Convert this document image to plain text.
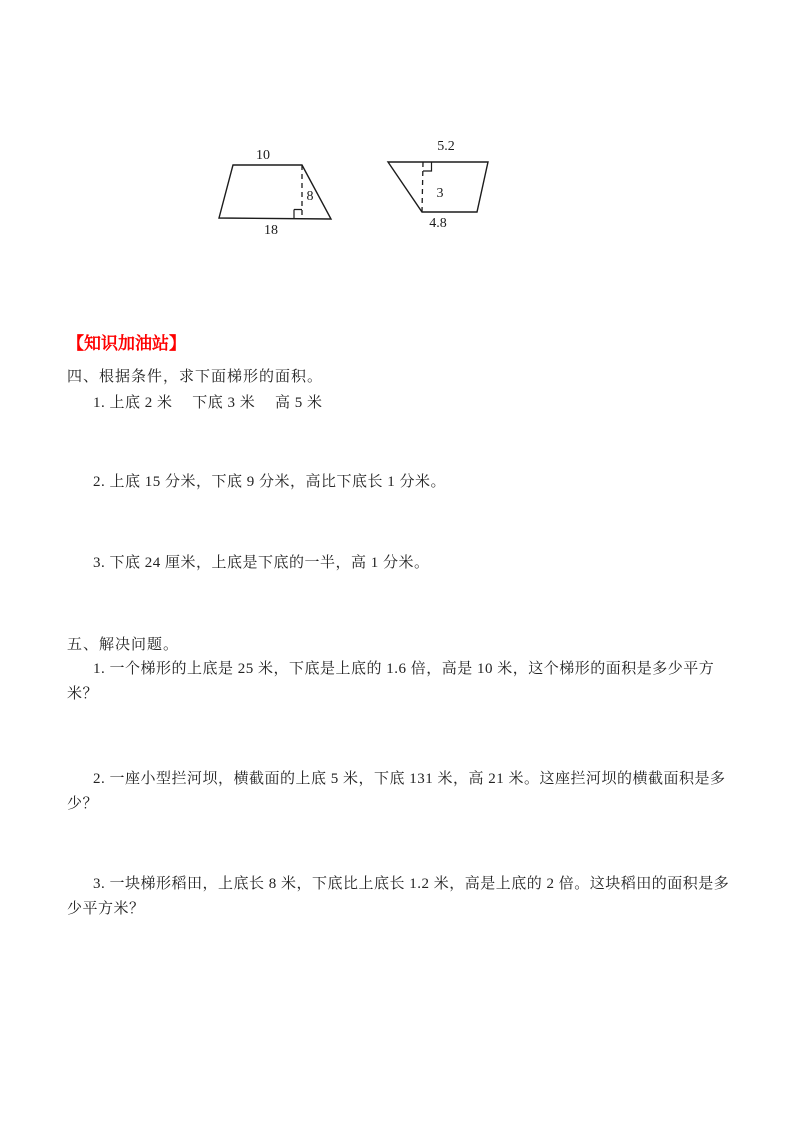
10
18
8
5.2
4.8
3
【知识加油站】
四、根据条件，求下面梯形的面积。
1. 上底 2 米　 下底 3 米　 高 5 米
2. 上底 15 分米，下底 9 分米，高比下底长 1 分米。
3. 下底 24 厘米，上底是下底的一半，高 1 分米。
五、解决问题。
1. 一个梯形的上底是 25 米，下底是上底的 1.6 倍，高是 10 米，这个梯形的面积是多少平方米？
2. 一座小型拦河坝，横截面的上底 5 米，下底 131 米，高 21 米。这座拦河坝的横截面积是多少？
3. 一块梯形稻田，上底长 8 米，下底比上底长 1.2 米，高是上底的 2 倍。这块稻田的面积是多少平方米？
